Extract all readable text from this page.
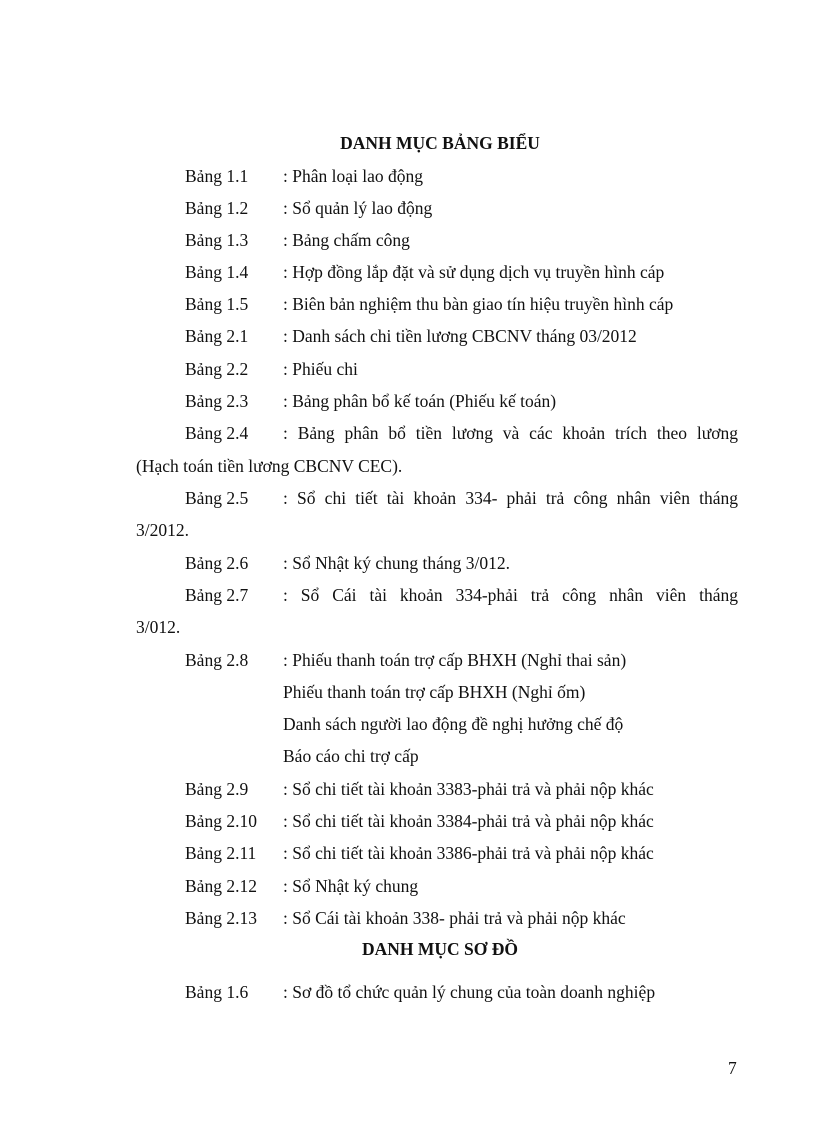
DANH MỤC BẢNG BIỂU
Bảng 1.1 : Phân loại lao động
Bảng 1.2 : Sổ quản lý lao động
Bảng 1.3 : Bảng chấm công
Bảng 1.4 : Hợp đồng lắp đặt và sử dụng dịch vụ truyền hình cáp
Bảng 1.5 : Biên bản nghiệm thu bàn giao tín hiệu truyền hình cáp
Bảng 2.1 : Danh sách chi tiền lương CBCNV tháng 03/2012
Bảng 2.2 : Phiếu chi
Bảng 2.3 : Bảng phân bổ kế toán (Phiếu kế toán)
Bảng 2.4 : Bảng phân bổ tiền lương và các khoản trích theo lương
(Hạch toán tiền lương CBCNV CEC).
Bảng 2.5 : Sổ chi tiết tài khoản 334- phải trả công nhân viên tháng
3/2012.
Bảng 2.6 : Sổ Nhật ký chung tháng 3/012.
Bảng 2.7 : Sổ Cái tài khoản 334-phải trả công nhân viên tháng
3/012.
Bảng 2.8 : Phiếu thanh toán trợ cấp BHXH (Nghỉ thai sản)
Phiếu thanh toán trợ cấp BHXH (Nghỉ ốm)
Danh sách người lao động đề nghị hưởng chế độ
Báo cáo chi trợ cấp
Bảng 2.9 : Sổ chi tiết tài khoản 3383-phải trả và phải nộp khác
Bảng 2.10 : Sổ chi tiết tài khoản 3384-phải trả và phải nộp khác
Bảng 2.11 : Sổ chi tiết tài khoản 3386-phải trả và phải nộp khác
Bảng 2.12 : Sổ Nhật ký chung
Bảng 2.13 : Sổ Cái tài khoản 338- phải trả và phải nộp khác
DANH MỤC SƠ ĐỒ
Bảng 1.6 : Sơ đồ tổ chức quản lý chung của toàn doanh nghiệp
7
